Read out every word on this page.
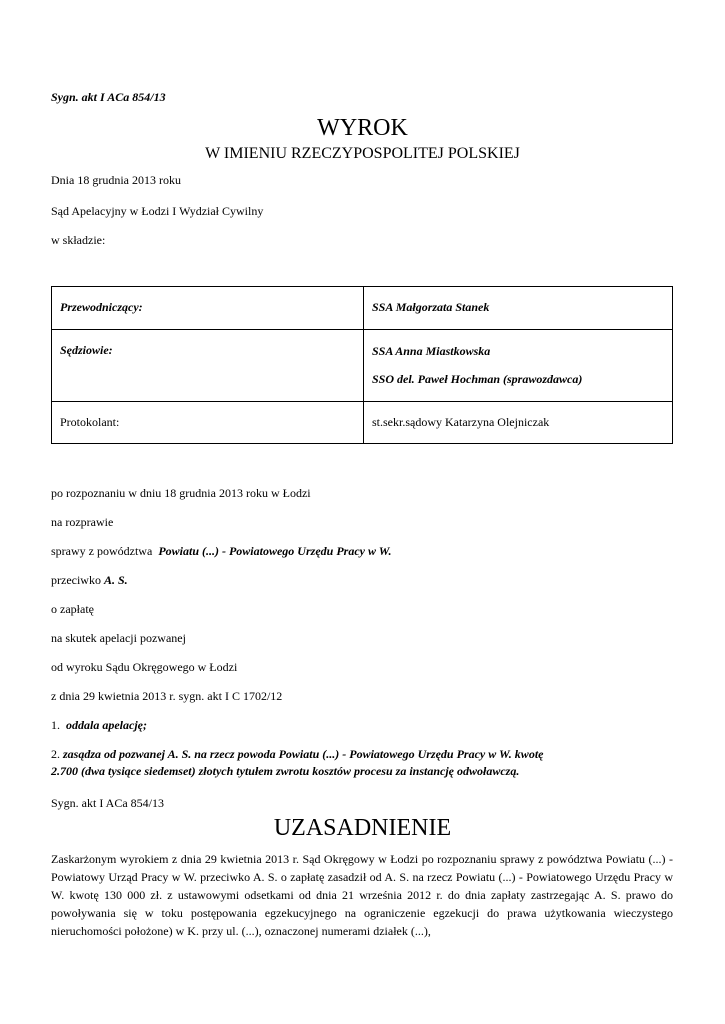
Sygn. akt I ACa 854/13
WYROK
W IMIENIU RZECZYPOSPOLITEJ POLSKIEJ
Dnia 18 grudnia 2013 roku
Sąd Apelacyjny w Łodzi I Wydział Cywilny
w składzie:
Przewodniczący:	SSA Małgorzata Stanek
Sędziowie:	SSA Anna Miastkowska
SSO del. Paweł Hochman (sprawozdawca)

Protokolant:	st.sekr.sądowy Katarzyna Olejniczak
po rozpoznaniu w dniu 18 grudnia 2013 roku w Łodzi
na rozprawie
sprawy z powództwa Powiatu (...) - Powiatowego Urzędu Pracy w W.
przeciwko A. S.
o zapłatę
na skutek apelacji pozwanej
od wyroku Sądu Okręgowego w Łodzi
z dnia 29 kwietnia 2013 r. sygn. akt I C 1702/12
1. oddala apelację;
2. zasądza od pozwanej A. S. na rzecz powoda Powiatu (...) - Powiatowego Urzędu Pracy w W. kwotę
2.700 (dwa tysiące siedemset) złotych tytułem zwrotu kosztów procesu za instancję odwoławczą.
Sygn. akt I ACa 854/13
UZASADNIENIE
Zaskarżonym wyrokiem z dnia 29 kwietnia 2013 r. Sąd Okręgowy w Łodzi po rozpoznaniu sprawy z powództwa Powiatu (...) - Powiatowy Urząd Pracy w W. przeciwko A. S. o zapłatę zasadził od A. S. na rzecz Powiatu (...) - Powiatowego Urzędu Pracy w W. kwotę 130 000 zł. z ustawowymi odsetkami od dnia 21 września 2012 r. do dnia zapłaty zastrzegając A. S. prawo do powoływania się w toku postępowania egzekucyjnego na ograniczenie egzekucji do prawa użytkowania wieczystego nieruchomości położone) w K. przy ul. (...), oznaczonej numerami działek (...),
